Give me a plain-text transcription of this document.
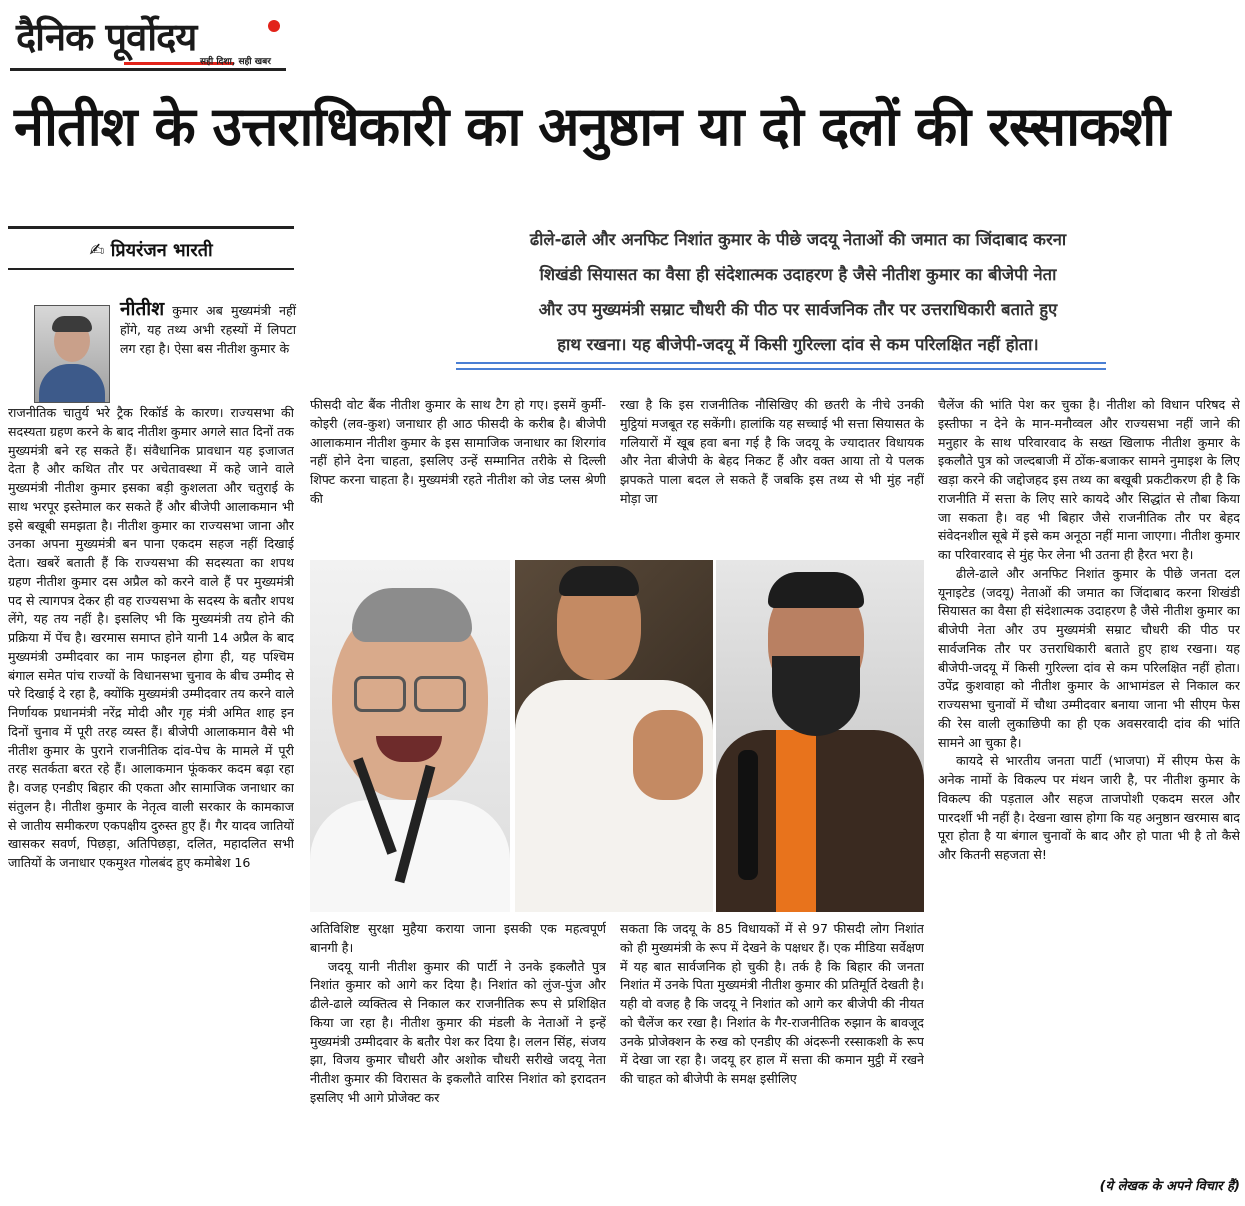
दैनिक पूर्वोदय
सही दिशा, सही खबर
नीतीश के उत्तराधिकारी का अनुष्ठान या दो दलों की रस्साकशी
✍ प्रियरंजन भारती
ढीले-ढाले और अनफिट निशांत कुमार के पीछे जदयू नेताओं की जमात का जिंदाबाद करना
शिखंडी सियासत का वैसा ही संदेशात्मक उदाहरण है जैसे नीतीश कुमार का बीजेपी नेता
और उप मुख्यमंत्री सम्राट चौधरी की पीठ पर सार्वजनिक तौर पर उत्तराधिकारी बताते हुए
हाथ रखना। यह बीजेपी-जदयू में किसी गुरिल्ला दांव से कम परिलक्षित नहीं होता।
नीतीश कुमार अब मुख्यमंत्री नहीं होंगे, यह तथ्य अभी रहस्यों में लिपटा लग रहा है। ऐसा बस नीतीश कुमार के

राजनीतिक चातुर्य भरे ट्रैक रिकॉर्ड के कारण। राज्यसभा की सदस्यता ग्रहण करने के बाद नीतीश कुमार अगले सात दिनों तक मुख्यमंत्री बने रह सकते हैं। संवैधानिक प्रावधान यह इजाजत देता है और कथित तौर पर अचेतावस्था में कहे जाने वाले मुख्यमंत्री नीतीश कुमार इसका बड़ी कुशलता और चतुराई के साथ भरपूर इस्तेमाल कर सकते हैं और बीजेपी आलाकमान भी इसे बखूबी समझता है। नीतीश कुमार का राज्यसभा जाना और उनका अपना मुख्यमंत्री बन पाना एकदम सहज नहीं दिखाई देता। खबरें बताती हैं कि राज्यसभा की सदस्यता का शपथ ग्रहण नीतीश कुमार दस अप्रैल को करने वाले हैं पर मुख्यमंत्री पद से त्यागपत्र देकर ही वह राज्यसभा के सदस्य के बतौर शपथ लेंगे, यह तय नहीं है। इसलिए भी कि मुख्यमंत्री तय होने की प्रक्रिया में पेंच है। खरमास समाप्त होने यानी 14 अप्रैल के बाद मुख्यमंत्री उम्मीदवार का नाम फाइनल होगा ही, यह पश्चिम बंगाल समेत पांच राज्यों के विधानसभा चुनाव के बीच उम्मीद से परे दिखाई दे रहा है, क्योंकि मुख्यमंत्री उम्मीदवार तय करने वाले निर्णायक प्रधानमंत्री नरेंद्र मोदी और गृह मंत्री अमित शाह इन दिनों चुनाव में पूरी तरह व्यस्त हैं। बीजेपी आलाकमान वैसे भी नीतीश कुमार के पुराने राजनीतिक दांव-पेच के मामले में पूरी तरह सतर्कता बरत रहे हैं। आलाकमान फूंककर कदम बढ़ा रहा है। वजह एनडीए बिहार की एकता और सामाजिक जनाधार का संतुलन है। नीतीश कुमार के नेतृत्व वाली सरकार के कामकाज से जातीय समीकरण एकपक्षीय दुरुस्त हुए हैं। गैर यादव जातियों खासकर सवर्ण, पिछड़ा, अतिपिछड़ा, दलित, महादलित सभी जातियों के जनाधार एकमुश्त गोलबंद हुए कमोबेश 16

फीसदी वोट बैंक नीतीश कुमार के साथ टैग हो गए। इसमें कुर्मी-कोइरी (लव-कुश) जनाधार ही आठ फीसदी के करीब है। बीजेपी आलाकमान नीतीश कुमार के इस सामाजिक जनाधार का शिरगांव नहीं होने देना चाहता, इसलिए उन्हें सम्मानित तरीके से दिल्ली शिफ्ट करना चाहता है। मुख्यमंत्री रहते नीतीश को जेड प्लस श्रेणी की

रखा है कि इस राजनीतिक नौसिखिए की छतरी के नीचे उनकी मुट्ठियां मजबूत रह सकेंगी। हालांकि यह सच्चाई भी सत्ता सियासत के गलियारों में खूब हवा बना गई है कि जदयू के ज्यादातर विधायक और नेता बीजेपी के बेहद निकट हैं और वक्त आया तो ये पलक झपकते पाला बदल ले सकते हैं जबकि इस तथ्य से भी मुंह नहीं मोड़ा जा

अतिविशिष्ट सुरक्षा मुहैया कराया जाना इसकी एक महत्वपूर्ण बानगी है।

जदयू यानी नीतीश कुमार की पार्टी ने उनके इकलौते पुत्र निशांत कुमार को आगे कर दिया है। निशांत को लुंज-पुंज और ढीले-ढाले व्यक्तित्व से निकाल कर राजनीतिक रूप से प्रशिक्षित किया जा रहा है। नीतीश कुमार की मंडली के नेताओं ने इन्हें मुख्यमंत्री उम्मीदवार के बतौर पेश कर दिया है। ललन सिंह, संजय झा, विजय कुमार चौधरी और अशोक चौधरी सरीखे जदयू नेता नीतीश कुमार की विरासत के इकलौते वारिस निशांत को इरादतन इसलिए भी आगे प्रोजेक्ट कर

सकता कि जदयू के 85 विधायकों में से 97 फीसदी लोग निशांत को ही मुख्यमंत्री के रूप में देखने के पक्षधर हैं। एक मीडिया सर्वेक्षण में यह बात सार्वजनिक हो चुकी है। तर्क है कि बिहार की जनता निशांत में उनके पिता मुख्यमंत्री नीतीश कुमार की प्रतिमूर्ति देखती है। यही वो वजह है कि जदयू ने निशांत को आगे कर बीजेपी की नीयत को चैलेंज कर रखा है। निशांत के गैर-राजनीतिक रुझान के बावजूद उनके प्रोजेक्शन के रुख को एनडीए की अंदरूनी रस्साकशी के रूप में देखा जा रहा है। जदयू हर हाल में सत्ता की कमान मुट्ठी में रखने की चाहत को बीजेपी के समक्ष इसीलिए

चैलेंज की भांति पेश कर चुका है। नीतीश को विधान परिषद से इस्तीफा न देने के मान-मनौव्वल और राज्यसभा नहीं जाने की मनुहार के साथ परिवारवाद के सख्त खिलाफ नीतीश कुमार के इकलौते पुत्र को जल्दबाजी में ठोंक-बजाकर सामने नुमाइश के लिए खड़ा करने की जद्दोजहद इस तथ्य का बखूबी प्रकटीकरण ही है कि राजनीति में सत्ता के लिए सारे कायदे और सिद्धांत से तौबा किया जा सकता है। वह भी बिहार जैसे राजनीतिक तौर पर बेहद संवेदनशील सूबे में इसे कम अनूठा नहीं माना जाएगा। नीतीश कुमार का परिवारवाद से मुंह फेर लेना भी उतना ही हैरत भरा है।

ढीले-ढाले और अनफिट निशांत कुमार के पीछे जनता दल यूनाइटेड (जदयू) नेताओं की जमात का जिंदाबाद करना शिखंडी सियासत का वैसा ही संदेशात्मक उदाहरण है जैसे नीतीश कुमार का बीजेपी नेता और उप मुख्यमंत्री सम्राट चौधरी की पीठ पर सार्वजनिक तौर पर उत्तराधिकारी बताते हुए हाथ रखना। यह बीजेपी-जदयू में किसी गुरिल्ला दांव से कम परिलक्षित नहीं होता। उपेंद्र कुशवाहा को नीतीश कुमार के आभामंडल से निकाल कर राज्यसभा चुनावों में चौथा उम्मीदवार बनाया जाना भी सीएम फेस की रेस वाली लुकाछिपी का ही एक अवसरवादी दांव की भांति सामने आ चुका है।

कायदे से भारतीय जनता पार्टी (भाजपा) में सीएम फेस के अनेक नामों के विकल्प पर मंथन जारी है, पर नीतीश कुमार के विकल्प की पड़ताल और सहज ताजपोशी एकदम सरल और पारदर्शी भी नहीं है। देखना खास होगा कि यह अनुष्ठान खरमास बाद पूरा होता है या बंगाल चुनावों के बाद और हो पाता भी है तो कैसे और कितनी सहजता से!

(ये लेखक के अपने विचार हैं)
